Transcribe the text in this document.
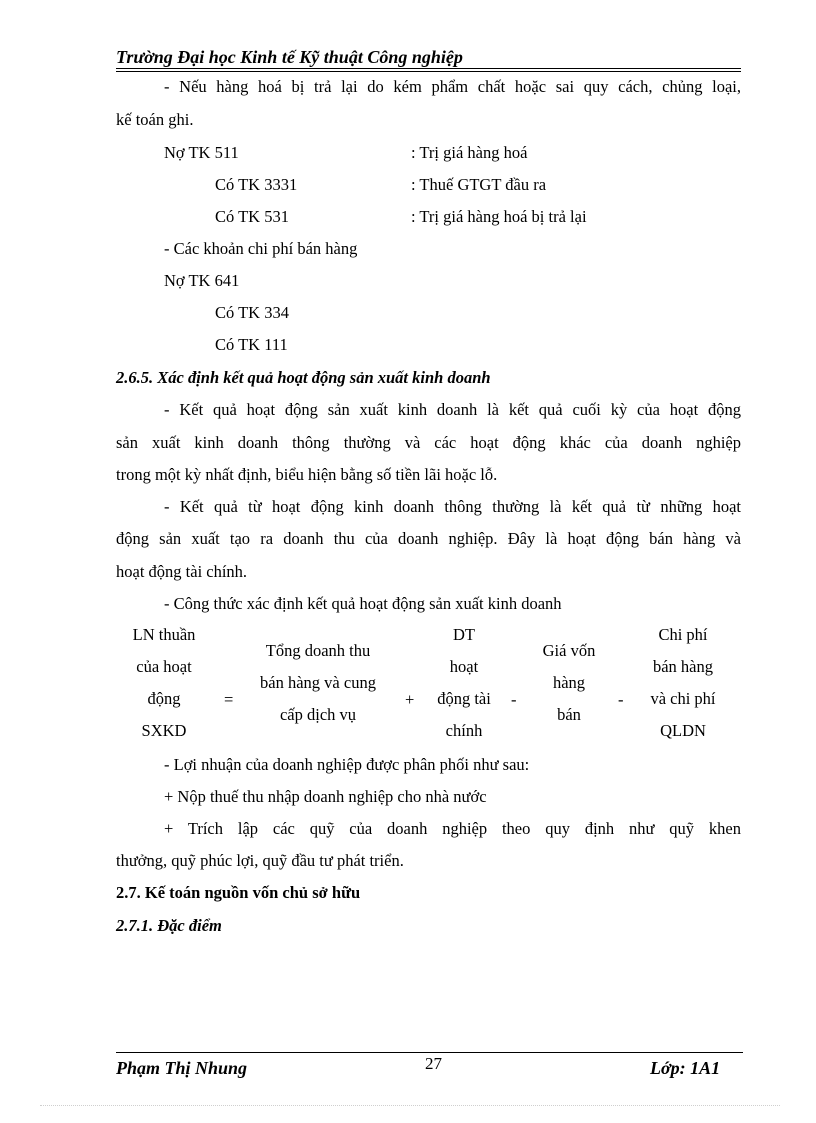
Trường Đại học Kinh tế Kỹ thuật Công nghiệp
- Nếu hàng hoá bị trả lại do kém phẩm chất hoặc sai quy cách, chủng loại,
kế toán ghi.
Nợ TK 511	: Trị giá hàng hoá
Có TK 3331	: Thuế GTGT đầu ra
Có TK 531	: Trị giá hàng hoá bị trả lại
- Các khoản chi phí bán hàng
Nợ TK 641
Có TK 334
Có TK 111
2.6.5. Xác định kết quả hoạt động sản xuất kinh doanh
- Kết quả hoạt động sản xuất kinh doanh là kết quả cuối kỳ của hoạt động
sản xuất kinh doanh thông thường và các hoạt động khác của doanh nghiệp
trong một kỳ nhất định, biểu hiện bằng số tiền lãi hoặc lỗ.
- Kết quả từ hoạt động kinh doanh thông thường là kết quả từ những hoạt
động sản xuất tạo ra doanh thu của doanh nghiệp. Đây là hoạt động bán hàng và
hoạt động tài chính.
- Công thức xác định kết quả hoạt động sản xuất kinh doanh
LN thuần
của hoạt
động
SXKD
=
Tổng doanh thu
bán hàng và cung
cấp dịch vụ
+
DT
hoạt
động tài
chính
-
Giá vốn
hàng
bán
-
Chi phí
bán hàng
và chi phí
QLDN
- Lợi nhuận của doanh nghiệp được phân phối như sau:
+ Nộp thuế thu nhập doanh nghiệp cho nhà nước
+ Trích lập các quỹ của doanh nghiệp theo quy định như quỹ khen
thưởng, quỹ phúc lợi, quỹ đầu tư phát triển.
2.7. Kế toán nguồn vốn chủ sở hữu
2.7.1. Đặc điểm
Phạm Thị Nhung	27	Lớp: 1A1
